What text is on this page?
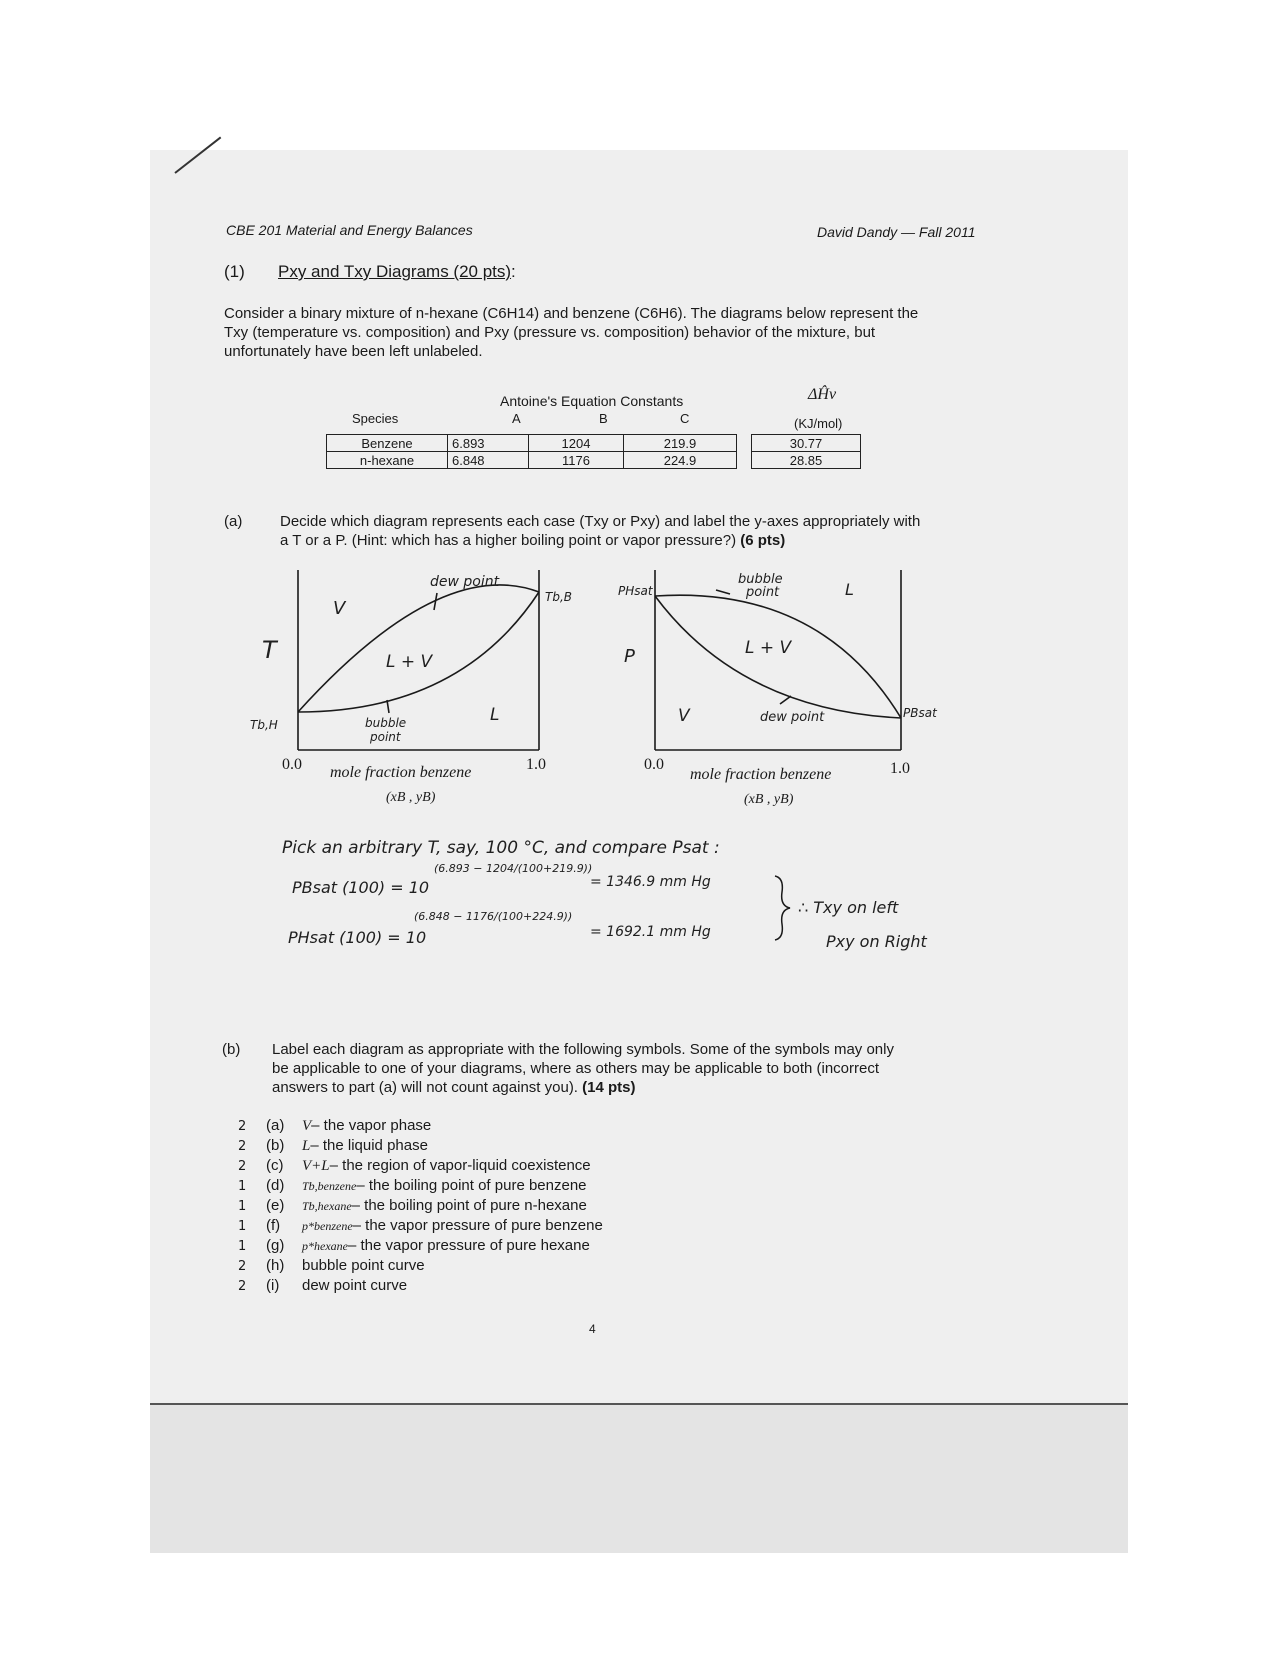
CBE 201 Material and Energy Balances	David Dandy — Fall 2011
(1) Pxy and Txy Diagrams (20 pts):
Consider a binary mixture of n-hexane (C6H14) and benzene (C6H6). The diagrams below represent the
Txy (temperature vs. composition) and Pxy (pressure vs. composition) behavior of the mixture, but
unfortunately have been left unlabeled.
Antoine's Equation Constants	ΔĤv
(KJ/mol)
Species	A	B	C
Benzene	6.893	1204	219.9		30.77
n-hexane	6.848	1176	224.9		28.85
(a)	Decide which diagram represents each case (Txy or Pxy) and label the y-axes appropriately with
a T or a P. (Hint: which has a higher boiling point or vapor pressure?) (6 pts)
T
Tb,H
Tb,B
V
L + V
L
dew point
bubble
point
0.0	1.0
mole fraction benzene
(xB , yB)
P
PHsat
PBsat
L
L + V
V
bubble
point
dew point
0.0	1.0
mole fraction benzene
(xB , yB)
Pick an arbitrary T, say, 100 °C, and compare Psat :
PBsat (100) = 10
(6.893 − 1204/(100+219.9))
= 1346.9 mm Hg
PHsat (100) = 10
(6.848 − 1176/(100+224.9))
= 1692.1 mm Hg
∴ Txy on left
Pxy on Right
(b) Label each diagram as appropriate with the following symbols. Some of the symbols may only
be applicable to one of your diagrams, where as others may be applicable to both (incorrect
answers to part (a) will not count against you). (14 pts)
2 (a) V– the vapor phase
2 (b) L– the liquid phase
2 (c) V+L– the region of vapor-liquid coexistence
1 (d) Tb,benzene– the boiling point of pure benzene
1 (e) Tb,hexane– the boiling point of pure n-hexane
1 (f) p*benzene– the vapor pressure of pure benzene
1 (g) p*hexane– the vapor pressure of pure hexane
2 (h) bubble point curve
2 (i) dew point curve
4
